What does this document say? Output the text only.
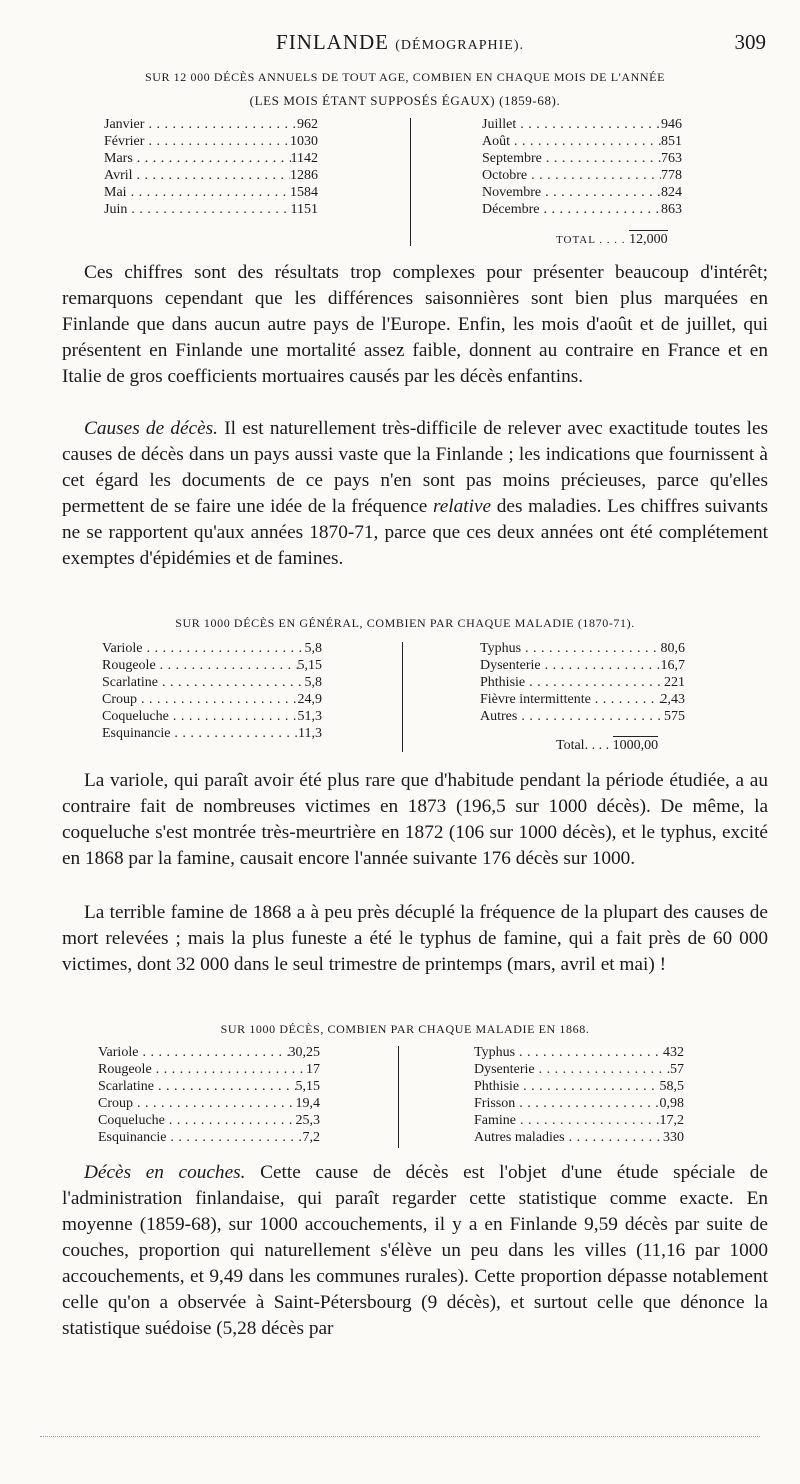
FINLANDE (DÉMOGRAPHIE).	309
SUR 12 000 DÉCÈS ANNUELS DE TOUT AGE, COMBIEN EN CHAQUE MOIS DE L'ANNÉE
(LES MOIS ÉTANT SUPPOSÉS ÉGAUX) (1859-68).
Janvier . . .	962
Février . . .	1030
Mars . . .	1142
Avril . . .	1286
Mai . . .	1584
Juin . . .	1151
Juillet . . .	946
Août . . .	851
Septembre . . .	763
Octobre . . .	778
Novembre . . .	824
Décembre . . .	863
TOTAL . . . . 12,000
Ces chiffres sont des résultats trop complexes pour présenter beaucoup d'intérêt; remarquons cependant que les différences saisonnières sont bien plus marquées en Finlande que dans aucun autre pays de l'Europe. Enfin, les mois d'août et de juillet, qui présentent en Finlande une mortalité assez faible, donnent au contraire en France et en Italie de gros coefficients mortuaires causés par les décès enfantins.
Causes de décès. Il est naturellement très-difficile de relever avec exactitude toutes les causes de décès dans un pays aussi vaste que la Finlande ; les indications que fournissent à cet égard les documents de ce pays n'en sont pas moins précieuses, parce qu'elles permettent de se faire une idée de la fréquence relative des maladies. Les chiffres suivants ne se rapportent qu'aux années 1870-71, parce que ces deux années ont été complétement exemptes d'épidémies et de famines.
SUR 1000 DÉCÈS EN GÉNÉRAL, COMBIEN PAR CHAQUE MALADIE (1870-71).
Variole . . .	5,8
Rougeole . . .	5,15
Scarlatine . . .	5,8
Croup . . .	24,9
Coqueluche . . .	51,3
Esquinancie . . .	11,3
Typhus . . .	80,6
Dysenterie . . .	16,7
Phthisie . . .	221
Fièvre intermittente . . .	2,43
Autres . . .	575
Total. . . . 1000,00
La variole, qui paraît avoir été plus rare que d'habitude pendant la période étudiée, a au contraire fait de nombreuses victimes en 1873 (196,5 sur 1000 décès). De même, la coqueluche s'est montrée très-meurtrière en 1872 (106 sur 1000 décès), et le typhus, excité en 1868 par la famine, causait encore l'année suivante 176 décès sur 1000.
La terrible famine de 1868 a à peu près décuplé la fréquence de la plupart des causes de mort relevées ; mais la plus funeste a été le typhus de famine, qui a fait près de 60 000 victimes, dont 32 000 dans le seul trimestre de printemps (mars, avril et mai) !
SUR 1000 DÉCÈS, COMBIEN PAR CHAQUE MALADIE EN 1868.
Variole . . .	30,25
Rougeole . . .	17
Scarlatine . . .	5,15
Croup . . .	19,4
Coqueluche . . .	25,3
Esquinancie . . .	7,2
Typhus . . .	432
Dysenterie . . .	57
Phthisie . . .	58,5
Frisson . . .	0,98
Famine . . .	17,2
Autres maladies . . .	330
Décès en couches. Cette cause de décès est l'objet d'une étude spéciale de l'administration finlandaise, qui paraît regarder cette statistique comme exacte. En moyenne (1859-68), sur 1000 accouchements, il y a en Finlande 9,59 décès par suite de couches, proportion qui naturellement s'élève un peu dans les villes (11,16 par 1000 accouchements, et 9,49 dans les communes rurales). Cette proportion dépasse notablement celle qu'on a observée à Saint-Pétersbourg (9 décès), et surtout celle que dénonce la statistique suédoise (5,28 décès par
